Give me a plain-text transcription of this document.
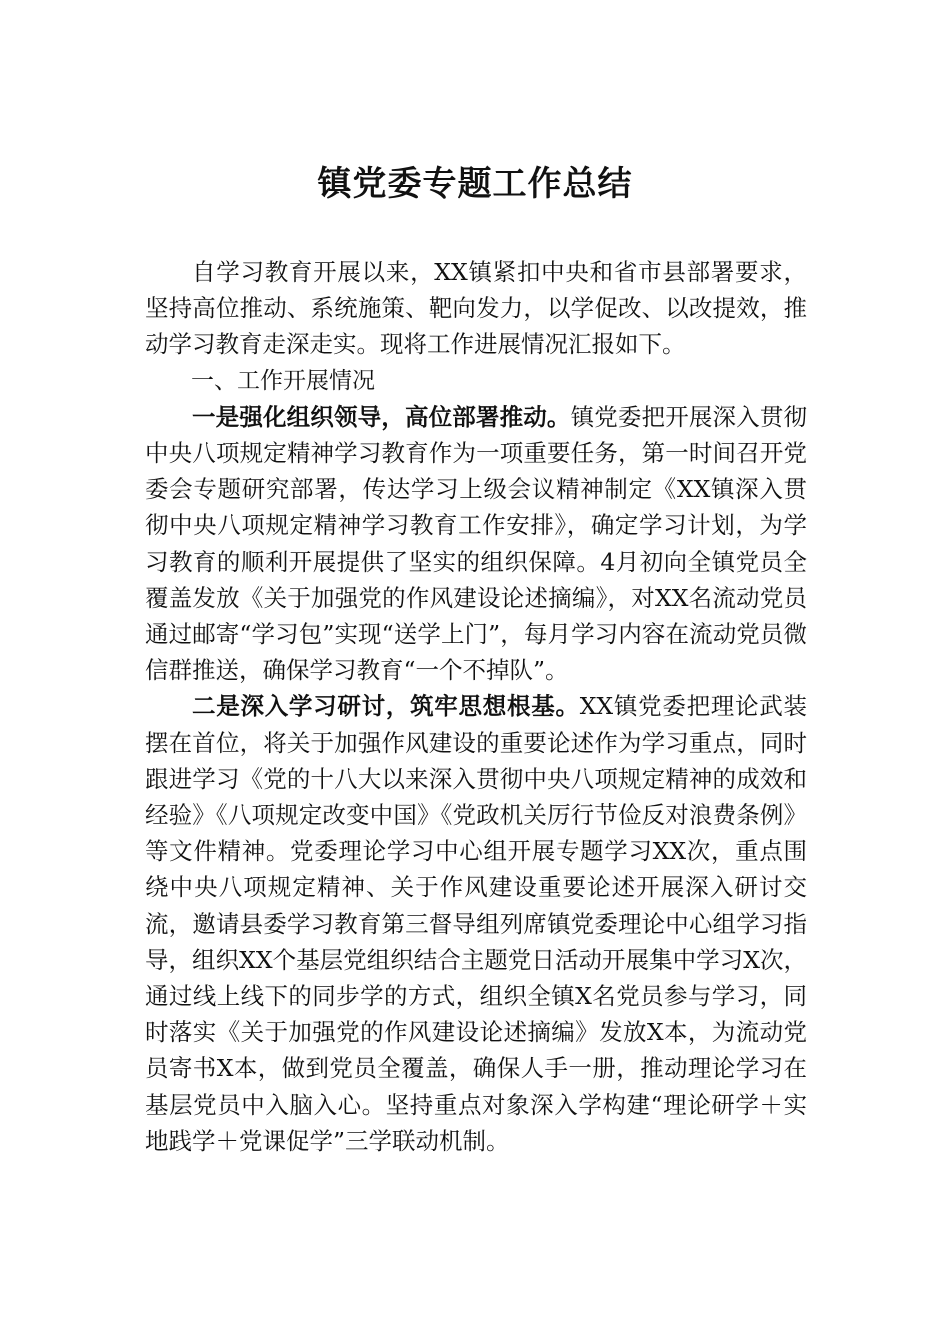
镇党委专题工作总结

自学习教育开展以来，XX镇紧扣中央和省市县部署要求，坚持高位推动、系统施策、靶向发力，以学促改、以改提效，推动学习教育走深走实。现将工作进展情况汇报如下。

一、工作开展情况

一是强化组织领导，高位部署推动。镇党委把开展深入贯彻中央八项规定精神学习教育作为一项重要任务，第一时间召开党委会专题研究部署，传达学习上级会议精神制定《XX镇深入贯彻中央八项规定精神学习教育工作安排》，确定学习计划，为学习教育的顺利开展提供了坚实的组织保障。4月初向全镇党员全覆盖发放《关于加强党的作风建设论述摘编》，对XX名流动党员通过邮寄“学习包”实现“送学上门”，每月学习内容在流动党员微信群推送，确保学习教育“一个不掉队”。

二是深入学习研讨，筑牢思想根基。XX镇党委把理论武装摆在首位，将关于加强作风建设的重要论述作为学习重点，同时跟进学习《党的十八大以来深入贯彻中央八项规定精神的成效和经验》《八项规定改变中国》《党政机关厉行节俭反对浪费条例》等文件精神。党委理论学习中心组开展专题学习XX次，重点围绕中央八项规定精神、关于作风建设重要论述开展深入研讨交流，邀请县委学习教育第三督导组列席镇党委理论中心组学习指导，组织XX个基层党组织结合主题党日活动开展集中学习X次，通过线上线下的同步学的方式，组织全镇X名党员参与学习，同时落实《关于加强党的作风建设论述摘编》发放X本，为流动党员寄书X本，做到党员全覆盖，确保人手一册，推动理论学习在基层党员中入脑入心。坚持重点对象深入学构建“理论研学＋实地践学＋党课促学”三学联动机制。
